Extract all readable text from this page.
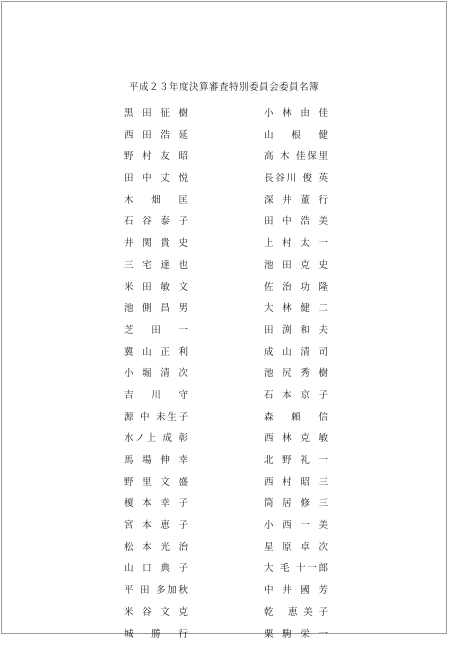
平成２３年度決算審査特別委員会委員名簿
黒 田 征 樹
西 田 浩 延
野 村 友 昭
田 中 丈 悦
木 畑 匡
石 谷 泰 子
井 関 貴 史
三 宅 達 也
米 田 敏 文
池 側 昌 男
芝 田 一
冀 山 正 利
小 堀 清 次
吉 川 守
源 中 未生子
水ノ上 成 彰
馬 場 伸 幸
野 里 文 盛
榎 本 幸 子
宮 本 恵 子
松 本 光 治
山 口 典 子
平 田 多加秋
米 谷 文 克
城 勝 行
小 林 由 佳
山 根 健
高 木 佳保里
長谷川 俊 英
深 井 董 行
田 中 浩 美
上 村 太 一
池 田 克 史
佐 治 功 隆
大 林 健 二
田 渕 和 夫
成 山 清 司
池 尻 秀 樹
石 本 京 子
森 頼 信
西 林 克 敏
北 野 礼 一
西 村 昭 三
筒 居 修 三
小 西 一 美
星 原 卓 次
大 毛 十一郎
中 井 國 芳
乾 恵美子
栗 駒 栄 一
